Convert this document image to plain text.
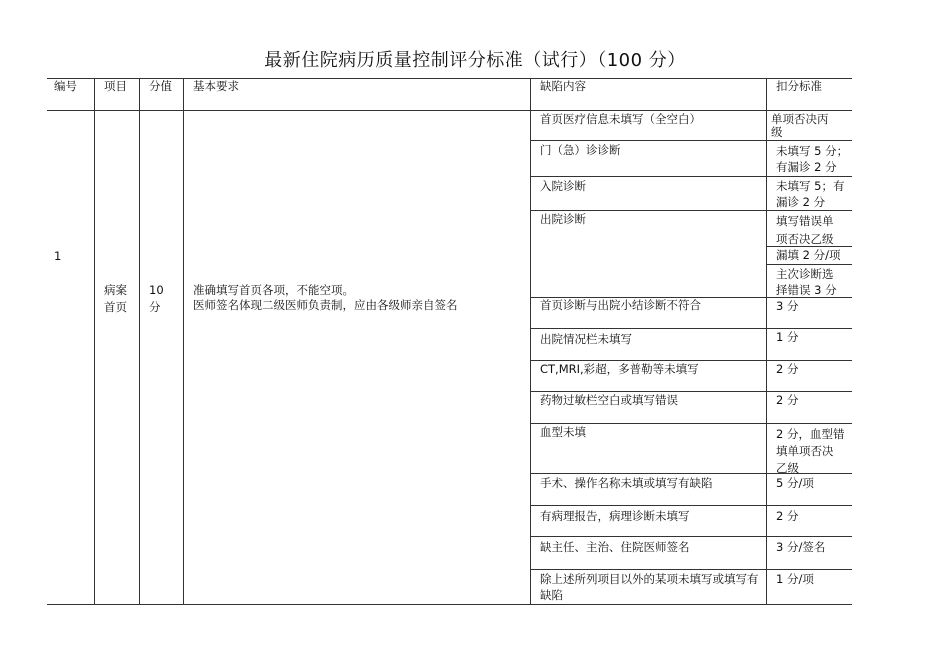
最新住院病历质量控制评分标准（试行）（100 分）
编号 项目 分值 基本要求	缺陷内容	扣分标准
1
病案
首页
10
分
准确填写首页各项，不能空项。
医师签名体现二级医师负责制，应由各级师亲自签名
首页医疗信息未填写（全空白）
门（急）诊诊断
入院诊断
出院诊断
首页诊断与出院小结诊断不符合
出院情况栏未填写
CT,MRI,彩超，多普勒等未填写
药物过敏栏空白或填写错误
血型未填
手术、操作名称未填或填写有缺陷
有病理报告，病理诊断未填写
缺主任、主治、住院医师签名
除上述所列项目以外的某项未填写或填写有缺陷
单项否决丙
级
未填写 5 分；
有漏诊 2 分
未填写 5；有
漏诊 2 分
填写错误单
项否决乙级
漏填 2 分/项
主次诊断选
择错误 3 分
3 分
1 分
2 分
2 分
2 分，血型错
填单项否决
乙级
5 分/项
2 分
3 分/签名
1 分/项
